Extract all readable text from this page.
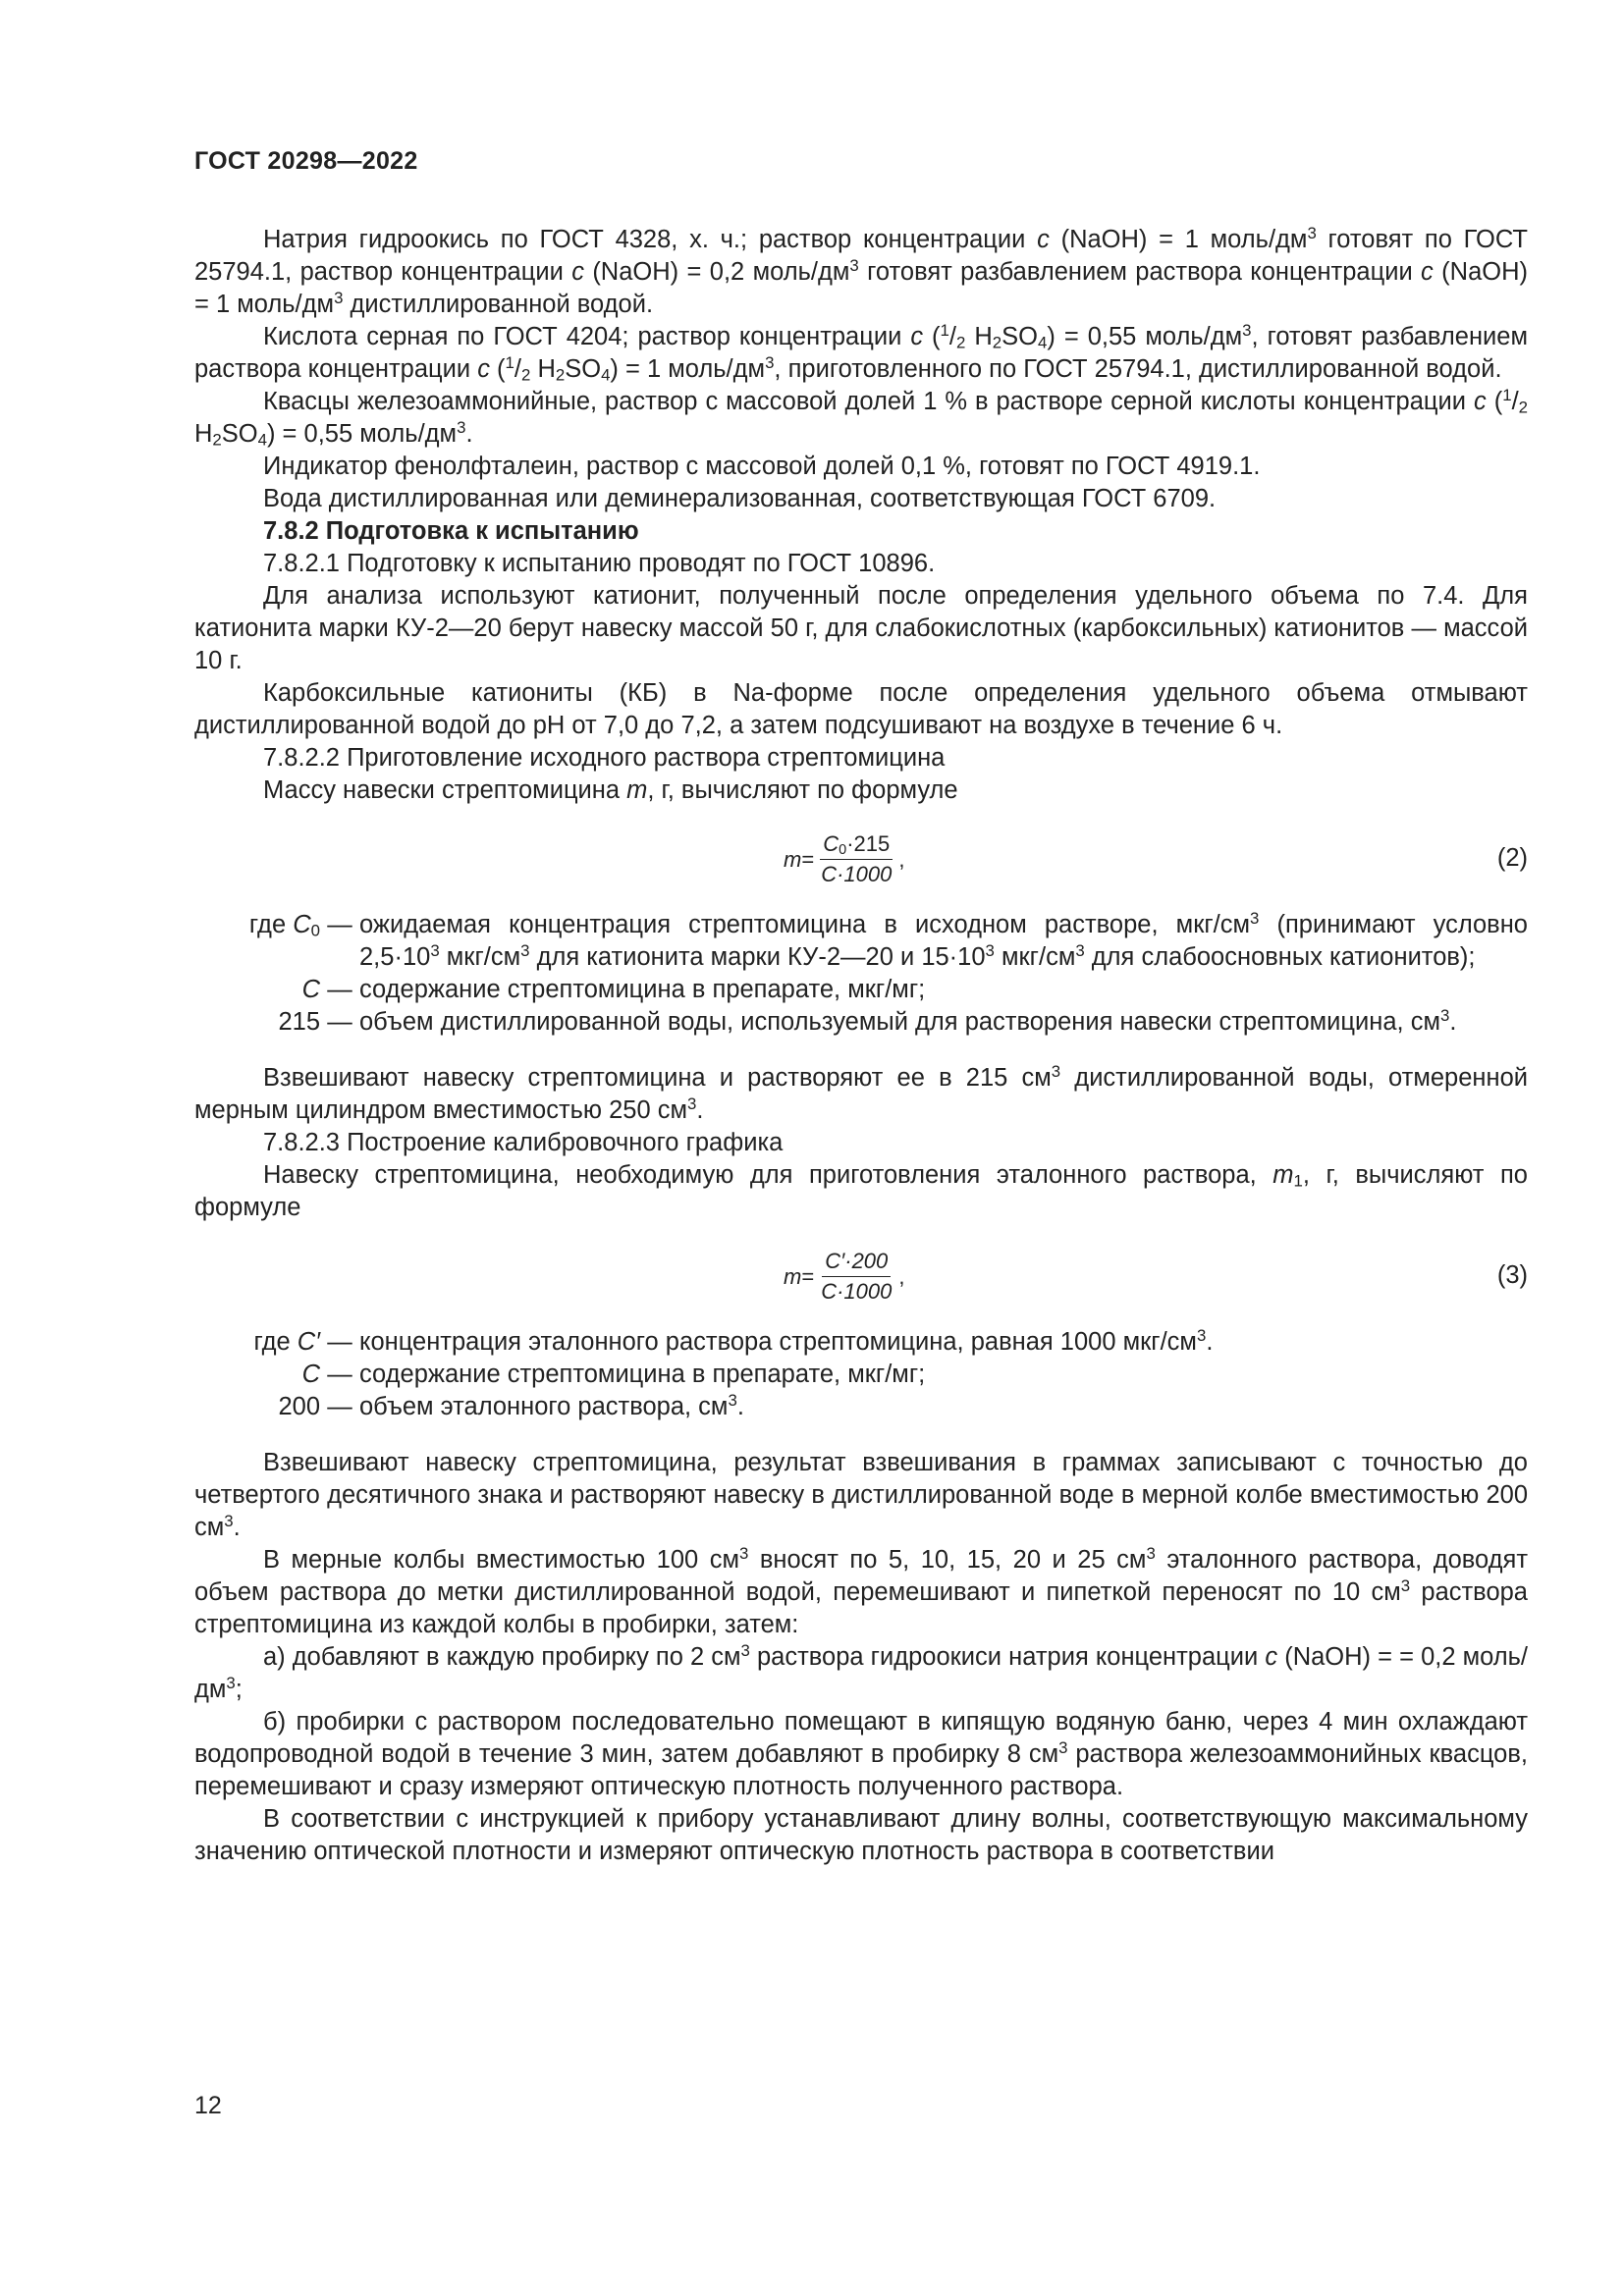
ГОСТ 20298—2022

Натрия гидроокись по ГОСТ 4328, х. ч.; раствор концентрации с (NaOH) = 1 моль/$дм^3$ готовят по ГОСТ 25794.1, раствор концентрации с (NaOH) = 0,2 моль/$дм^3$ готовят разбавлением раствора концентрации с (NaOH) = 1 моль/$дм^3$ дистиллированной водой.

Кислота серная по ГОСТ 4204; раствор концентрации с ($^1/_2$ $H_2SO_4) = 0,55$ моль/$дм^3$, готовят разбавлением раствора концентрации с ($^1/_2$ $H_2SO_4) = 1$ моль/$дм^3$, приготовленного по ГОСТ 25794.1, дистиллированной водой.

Квасцы железоаммонийные, раствор с массовой долей 1 % в растворе серной кислоты концентрации с ($^1/_2$ $H_2SO_4) = 0,55$ моль/$дм^3$.

Индикатор фенолфталеин, раствор с массовой долей 0,1 %, готовят по ГОСТ 4919.1.

Вода дистиллированная или деминерализованная, соответствующая ГОСТ 6709.

7.8.2 Подготовка к испытанию

7.8.2.1 Подготовку к испытанию проводят по ГОСТ 10896.

Для анализа используют катионит, полученный после определения удельного объема по 7.4. Для катионита марки КУ-2—20 берут навеску массой 50 г, для слабокислотных (карбоксильных) катионитов — массой 10 г.

Карбоксильные катиониты (КБ) в Na-форме после определения удельного объема отмывают дистиллированной водой до pH от 7,0 до 7,2, а затем подсушивают на воздухе в течение 6 ч.

7.8.2.2 Приготовление исходного раствора стрептомицина

Массу навески стрептомицина m, г, вычисляют по формуле

$m = \frac{C_0\cdot 215}{C\cdot 1000}$ ,	(2)
где $C_0$ — ожидаемая концентрация стрептомицина в исходном растворе, мкг/$см^3$ (принимают условно $2,5\cdot 10^3$ мкг/$см^3$ для катионита марки КУ-2—20 и $15\cdot 10^3$ мкг/$см^3$ для слабоосновных катионитов);
C — содержание стрептомицина в препарате, мкг/мг;
215 — объем дистиллированной воды, используемый для растворения навески стрептомицина, $см^3$.

Взвешивают навеску стрептомицина и растворяют ее в 215 $см^3$ дистиллированной воды, отмеренной мерным цилиндром вместимостью 250 $см^3$.

7.8.2.3 Построение калибровочного графика

Навеску стрептомицина, необходимую для приготовления эталонного раствора, $m_1$, г, вычисляют по формуле

$m = \frac{C'\cdot 200}{C\cdot 1000}$ ,	(3)
где C′ — концентрация эталонного раствора стрептомицина, равная 1000 мкг/$см^3$.
C — содержание стрептомицина в препарате, мкг/мг;
200 — объем эталонного раствора, $см^3$.

Взвешивают навеску стрептомицина, результат взвешивания в граммах записывают с точностью до четвертого десятичного знака и растворяют навеску в дистиллированной воде в мерной колбе вместимостью 200 $см^3$.

В мерные колбы вместимостью 100 $см^3$ вносят по 5, 10, 15, 20 и 25 $см^3$ эталонного раствора, доводят объем раствора до метки дистиллированной водой, перемешивают и пипеткой переносят по 10 $см^3$ раствора стрептомицина из каждой колбы в пробирки, затем:

а) добавляют в каждую пробирку по 2 $см^3$ раствора гидроокиси натрия концентрации с (NaOH) = = 0,2 моль/$дм^3$;

б) пробирки с раствором последовательно помещают в кипящую водяную баню, через 4 мин охлаждают водопроводной водой в течение 3 мин, затем добавляют в пробирку 8 $см^3$ раствора железоаммонийных квасцов, перемешивают и сразу измеряют оптическую плотность полученного раствора.

В соответствии с инструкцией к прибору устанавливают длину волны, соответствующую максимальному значению оптической плотности и измеряют оптическую плотность раствора в соответствии

12
